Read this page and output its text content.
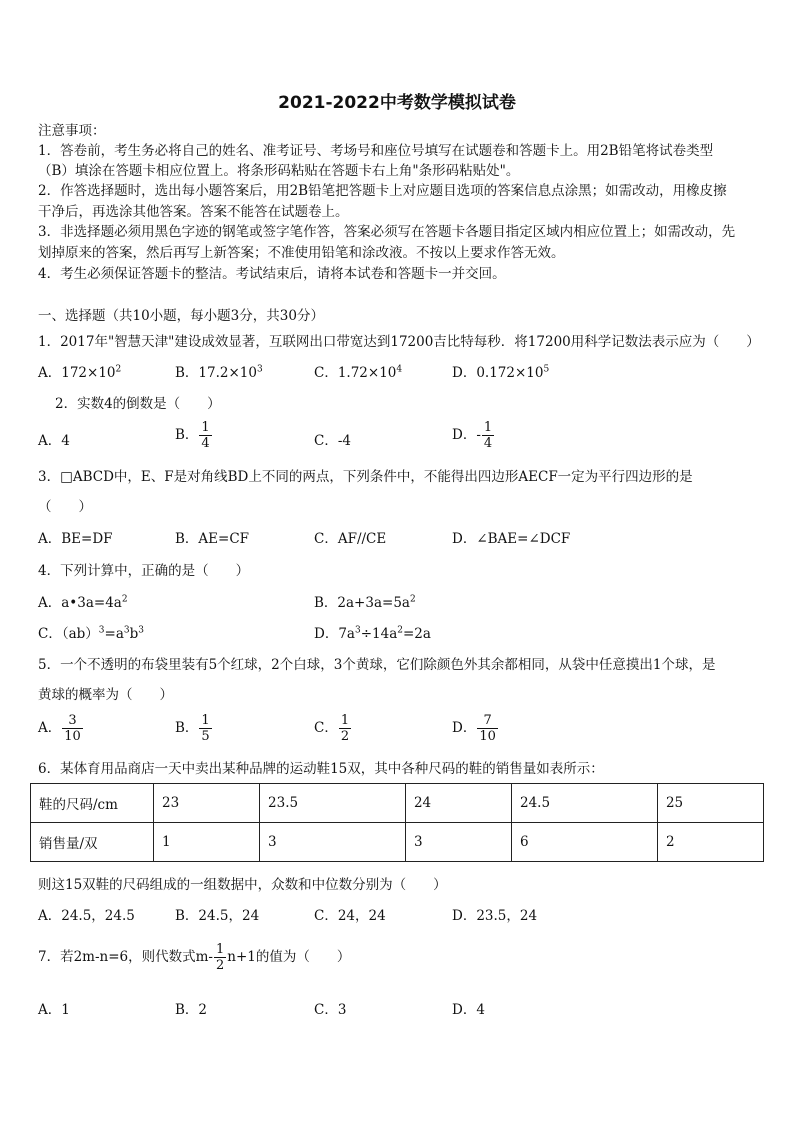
2021-2022中考数学模拟试卷
注意事项：
1．答卷前，考生务必将自己的姓名、准考证号、考场号和座位号填写在试题卷和答题卡上。用2B铅笔将试卷类型
（B）填涂在答题卡相应位置上。将条形码粘贴在答题卡右上角"条形码粘贴处"。
2．作答选择题时，选出每小题答案后，用2B铅笔把答题卡上对应题目选项的答案信息点涂黑；如需改动，用橡皮擦
干净后，再选涂其他答案。答案不能答在试题卷上。
3．非选择题必须用黑色字迹的钢笔或签字笔作答，答案必须写在答题卡各题目指定区域内相应位置上；如需改动，先
划掉原来的答案，然后再写上新答案；不准使用铅笔和涂改液。不按以上要求作答无效。
4．考生必须保证答题卡的整洁。考试结束后，请将本试卷和答题卡一并交回。
一、选择题（共10小题，每小题3分，共30分）
1．2017年"智慧天津"建设成效显著，互联网出口带宽达到17200吉比特每秒．将17200用科学记数法表示应为（　　）
A．$172\times 10^2$	B．$17.2\times 10^3$	C．$1.72\times 10^4$	D．$0.172\times 10^5$
2．实数4的倒数是（　　）
A．4	B． $\frac{1}{4}$	C．-4	D．- $\frac{1}{4}$
3．□ABCD中，E、F是对角线BD上不同的两点，下列条件中，不能得出四边形AECF一定为平行四边形的是
（　　）
A．BE=DF	B．AE=CF	C．AF//CE	D．∠BAE=∠DCF
4．下列计算中，正确的是（　　）
A．$a•3a=4a^2$	B．$2a+3a=5a^2$
C．$(ab)^3=a^3b^3$	D．$7a^3\div 14a^2=2a$
5．一个不透明的布袋里装有5个红球，2个白球，3个黄球，它们除颜色外其余都相同，从袋中任意摸出1个球，是
黄球的概率为（　　）
A． $\frac{3}{10}$	B． $\frac{1}{5}$	C． $\frac{1}{2}$	D． $\frac{7}{10}$
6．某体育用品商店一天中卖出某种品牌的运动鞋15双，其中各种尺码的鞋的销售量如表所示：
鞋的尺码/cm	23	23.5	24	24.5	25
销售量/双	1	3	3	6	2
则这15双鞋的尺码组成的一组数据中，众数和中位数分别为（　　）
A．24.5，24.5	B．24.5，24	C．24，24	D．23.5，24
7．若2m-n=6，则代数式$m- \frac{1}{2} n+1$的值为（　　）
A．1	B．2	C．3	D．4
